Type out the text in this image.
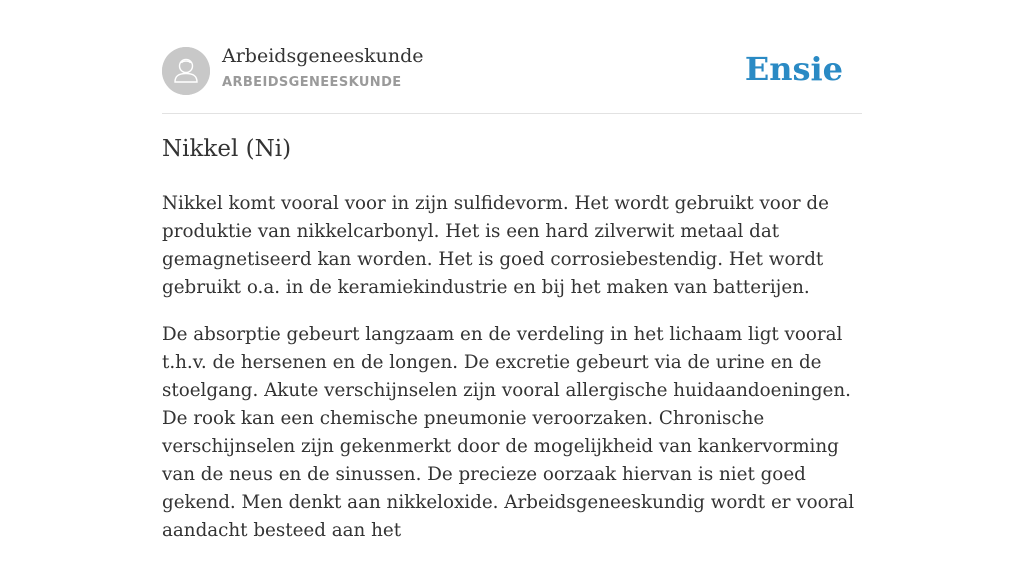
Arbeidsgeneeskunde
ARBEIDSGENEESKUNDE	Ensie
Nikkel (Ni)

Nikkel komt vooral voor in zijn sulfidevorm. Het wordt gebruikt voor de produktie van nikkelcarbonyl. Het is een hard zilverwit metaal dat gemagnetiseerd kan worden. Het is goed corrosiebestendig. Het wordt gebruikt o.a. in de keramiekindustrie en bij het maken van batterijen.

De absorptie gebeurt langzaam en de verdeling in het lichaam ligt vooral t.h.v. de hersenen en de longen. De excretie gebeurt via de urine en de stoelgang. Akute verschijnselen zijn vooral allergische huidaandoeningen. De rook kan een chemische pneumonie veroorzaken. Chronische verschijnselen zijn gekenmerkt door de mogelijkheid van kankervorming van de neus en de sinussen. De precieze oorzaak hiervan is niet goed gekend. Men denkt aan nikkeloxide. Arbeidsgeneeskundig wordt er vooral aandacht besteed aan het
